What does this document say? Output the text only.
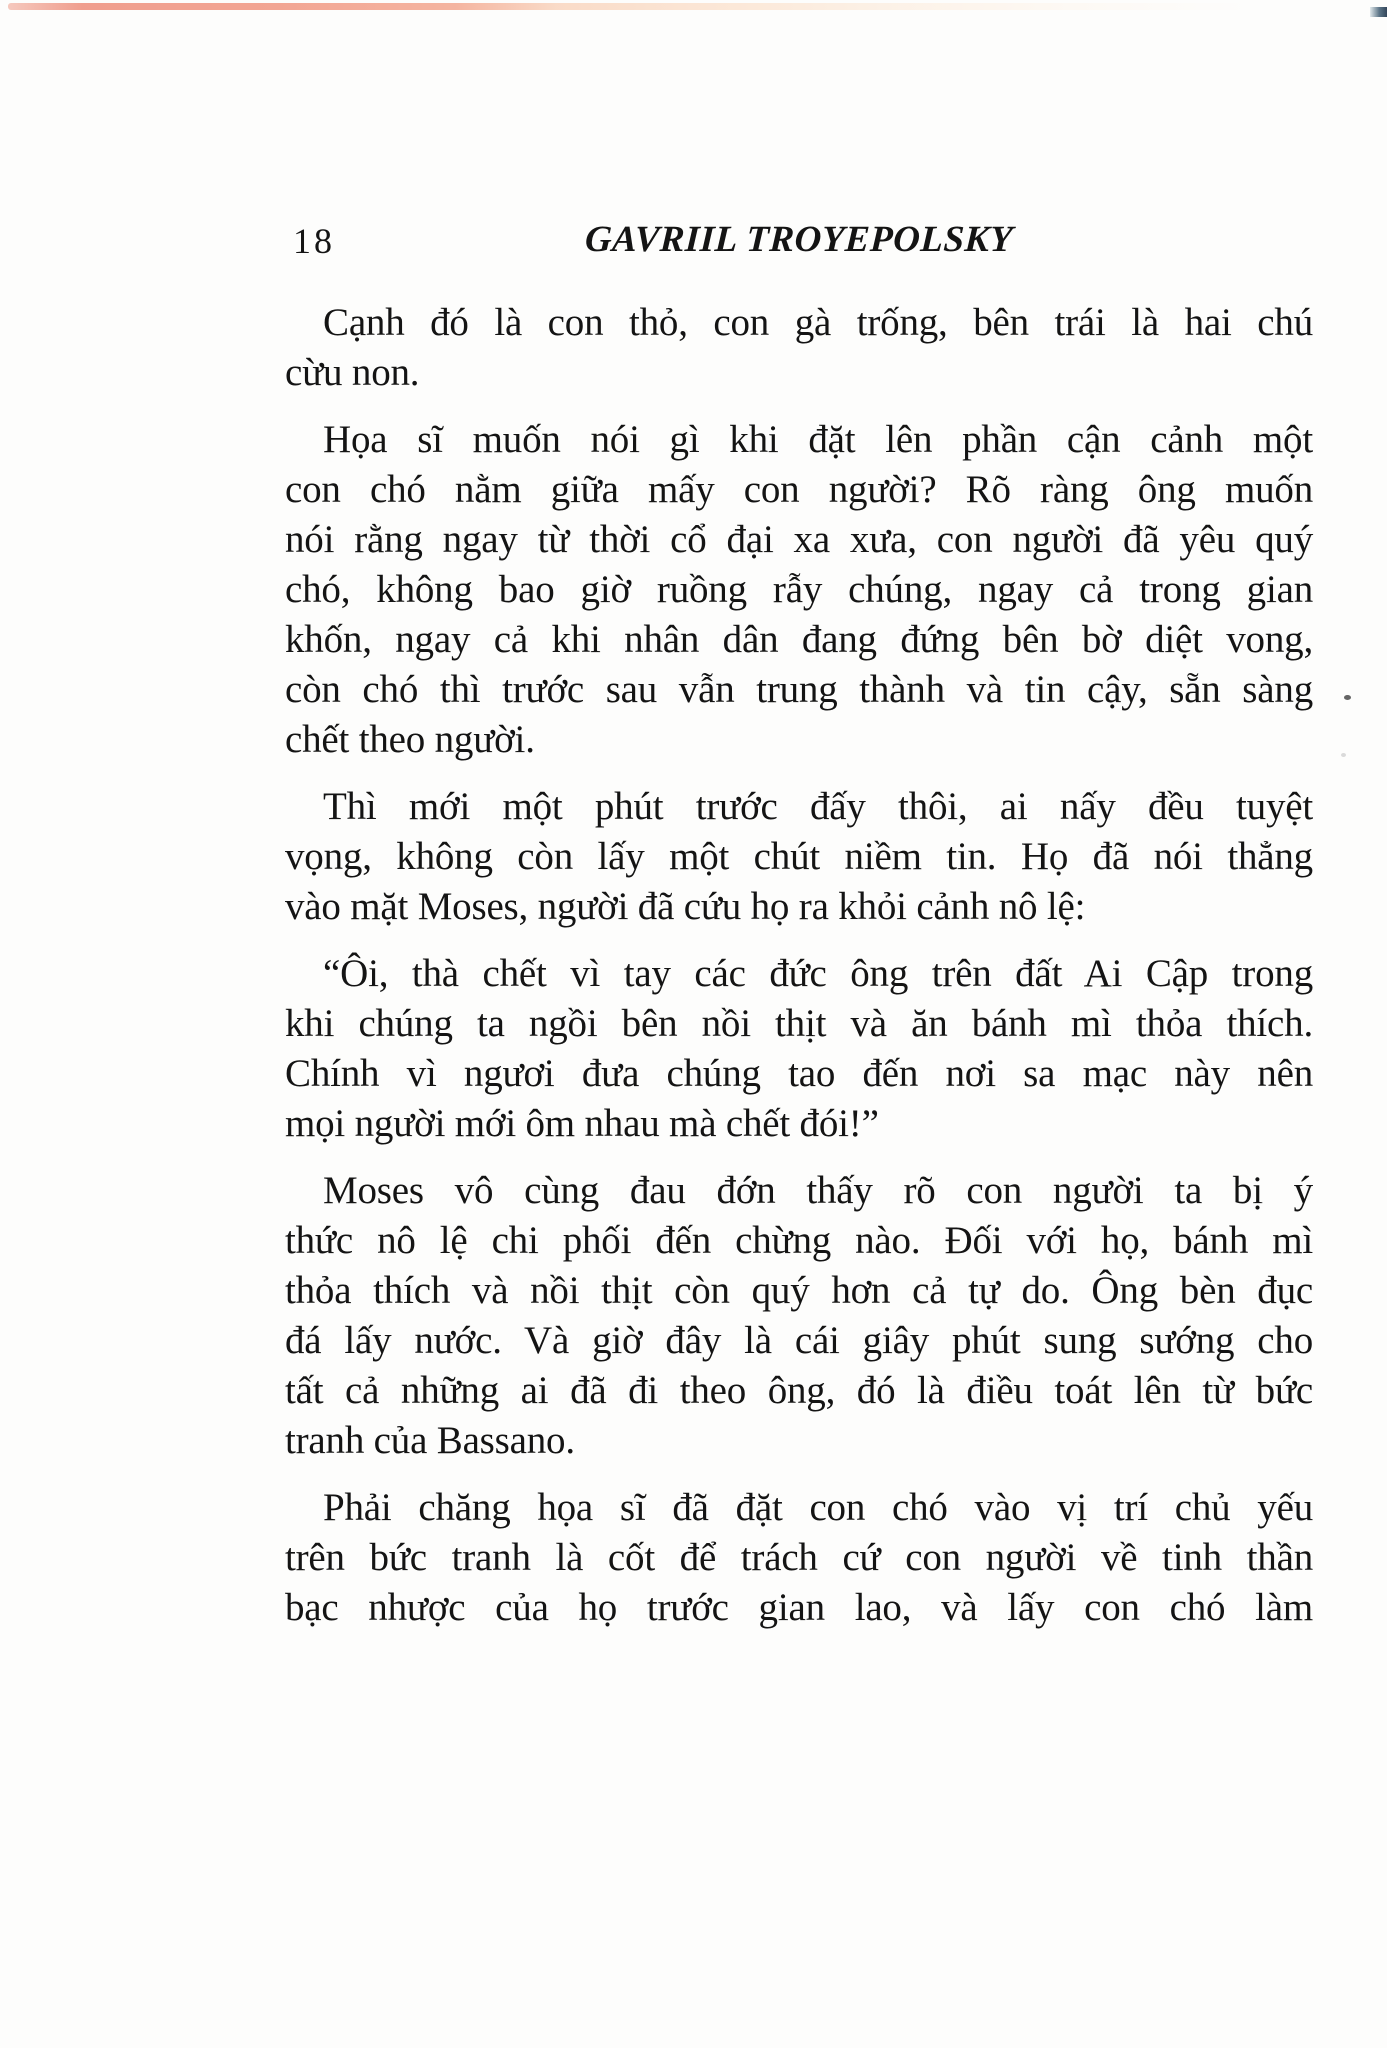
18	GAVRIIL TROYEPOLSKY
Cạnh đó là con thỏ, con gà trống, bên trái là hai chú
cừu non.
Họa sĩ muốn nói gì khi đặt lên phần cận cảnh một
con chó nằm giữa mấy con người? Rõ ràng ông muốn
nói rằng ngay từ thời cổ đại xa xưa, con người đã yêu quý
chó, không bao giờ ruồng rẫy chúng, ngay cả trong gian
khốn, ngay cả khi nhân dân đang đứng bên bờ diệt vong,
còn chó thì trước sau vẫn trung thành và tin cậy, sẵn sàng
chết theo người.
Thì mới một phút trước đấy thôi, ai nấy đều tuyệt
vọng, không còn lấy một chút niềm tin. Họ đã nói thẳng
vào mặt Moses, người đã cứu họ ra khỏi cảnh nô lệ:
“Ôi, thà chết vì tay các đức ông trên đất Ai Cập trong
khi chúng ta ngồi bên nồi thịt và ăn bánh mì thỏa thích.
Chính vì ngươi đưa chúng tao đến nơi sa mạc này nên
mọi người mới ôm nhau mà chết đói!”
Moses vô cùng đau đớn thấy rõ con người ta bị ý
thức nô lệ chi phối đến chừng nào. Đối với họ, bánh mì
thỏa thích và nồi thịt còn quý hơn cả tự do. Ông bèn đục
đá lấy nước. Và giờ đây là cái giây phút sung sướng cho
tất cả những ai đã đi theo ông, đó là điều toát lên từ bức
tranh của Bassano.
Phải chăng họa sĩ đã đặt con chó vào vị trí chủ yếu
trên bức tranh là cốt để trách cứ con người về tinh thần
bạc nhược của họ trước gian lao, và lấy con chó làm
